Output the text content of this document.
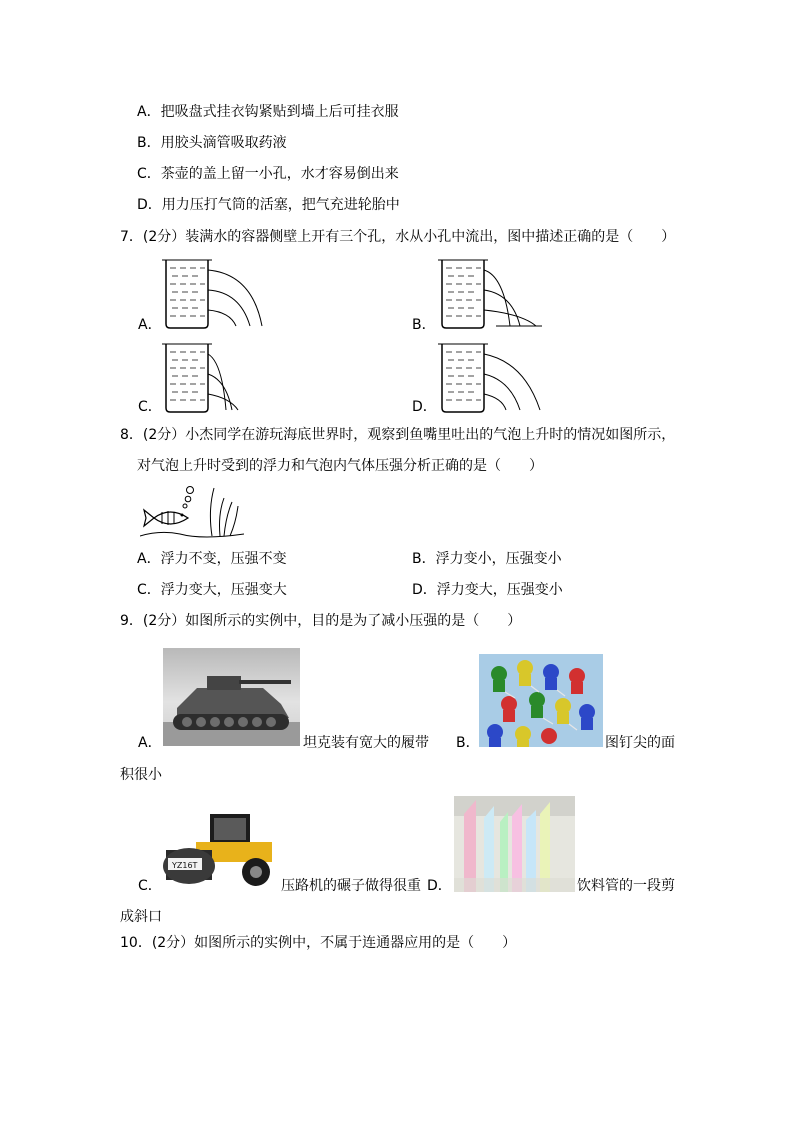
A．把吸盘式挂衣钩紧贴到墙上后可挂衣服
B．用胶头滴管吸取药液
C．茶壶的盖上留一小孔，水才容易倒出来
D．用力压打气筒的活塞，把气充进轮胎中
7．(2分）装满水的容器侧壁上开有三个孔，水从小孔中流出，图中描述正确的是（　　）
A．	B．
C．	D．
8．(2分）小杰同学在游玩海底世界时，观察到鱼嘴里吐出的气泡上升时的情况如图所示，
对气泡上升时受到的浮力和气泡内气体压强分析正确的是（　　）
A．浮力不变，压强不变	B．浮力变小，压强变小
C．浮力变大，压强变大	D．浮力变大，压强变小
9．(2分）如图所示的实例中，目的是为了减小压强的是（　　）
A．	坦克装有宽大的履带 B．	图钉尖的面
积很小
YZ16T
C．	压路机的碾子做得很重 D．	饮料管的一段剪
成斜口
10．(2分）如图所示的实例中，不属于连通器应用的是（　　）
